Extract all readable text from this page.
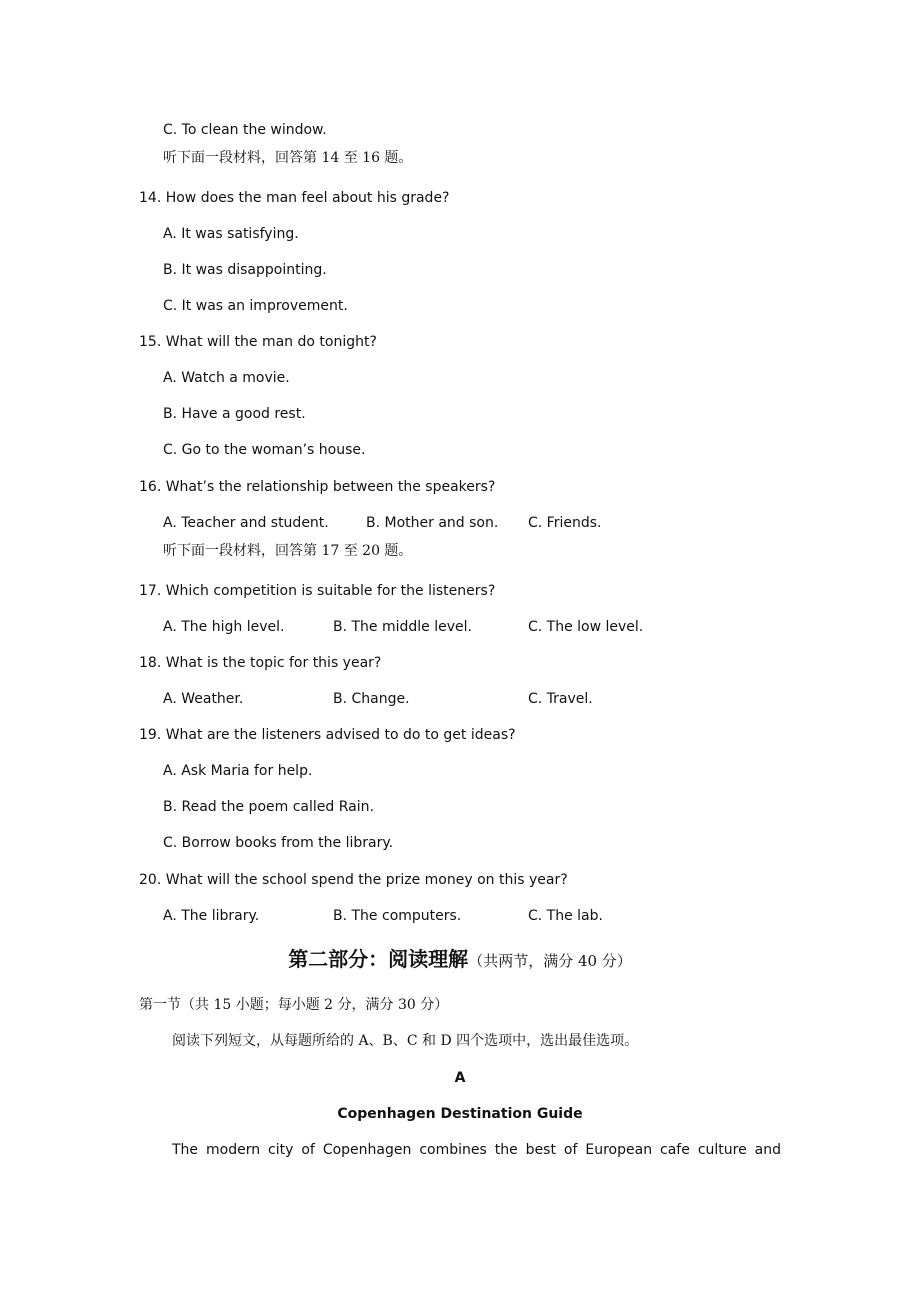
C. To clean the window.
听下面一段材料，回答第 14 至 16 题。
14. How does the man feel about his grade?
A. It was satisfying.
B. It was disappointing.
C. It was an improvement.
15. What will the man do tonight?
A. Watch a movie.
B. Have a good rest.
C. Go to the woman’s house.
16. What’s the relationship between the speakers?
A. Teacher and student.	B. Mother and son. C. Friends.
17. Which competition is suitable for the listeners?
A. The high level.	B. The middle level.	C. The low level.
18. What is the topic for this year?
A. Weather.	B. Change.	C. Travel.
19. What are the listeners advised to do to get ideas?
A. Ask Maria for help.
B. Read the poem called Rain.
C. Borrow books from the library.
20. What will the school spend the prize money on this year?
A. The library.	B. The computers.	C. The lab.
听下面一段材料，回答第 17 至 20 题。
第二部分：阅读理解（共两节，满分 40 分）
第一节（共 15 小题；每小题 2 分，满分 30 分）
阅读下列短文，从每题所给的 A、B、C 和 D 四个选项中，选出最佳选项。
A
Copenhagen Destination Guide
The modern city of Copenhagen combines the best of European cafe culture and
